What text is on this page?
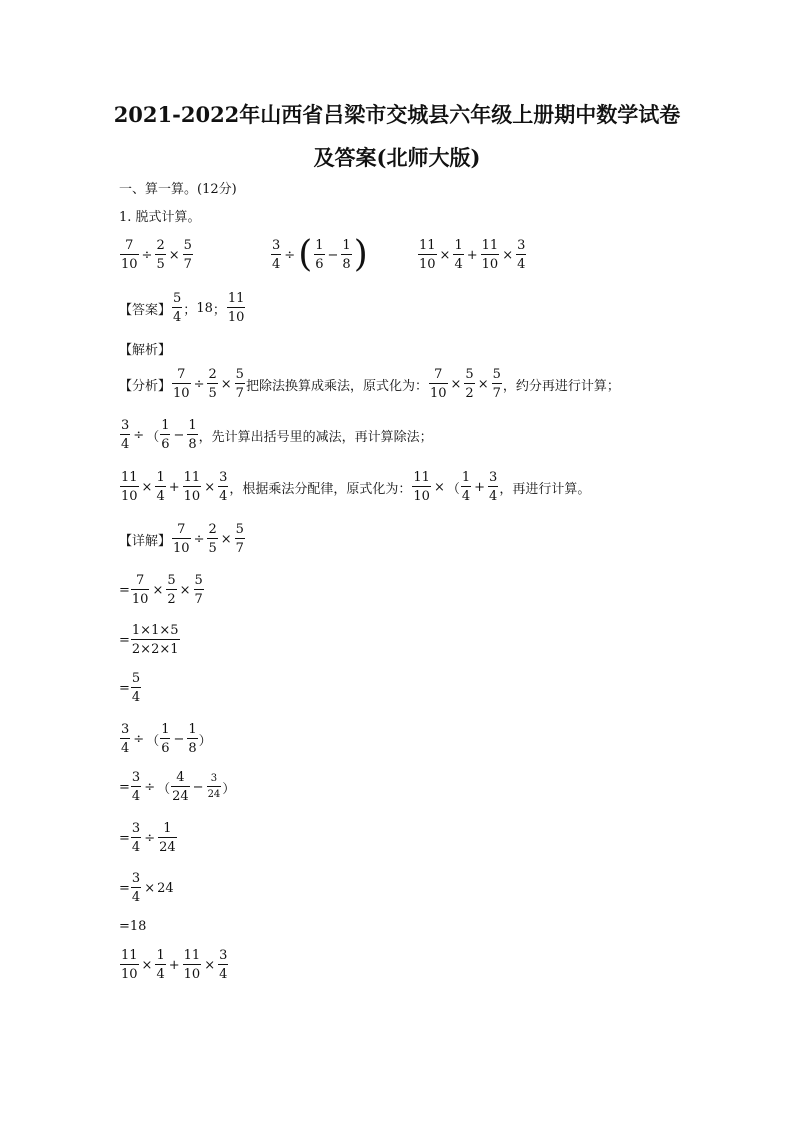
2021-2022年山西省吕梁市交城县六年级上册期中数学试卷
及答案(北师大版)
一、算一算。(12分)
1. 脱式计算。
$\frac{7}{10} \div \frac{2}{5} \times \frac{5}{7}$	$\frac{3}{4}$ ÷ ( $\frac{1}{6} - \frac{1}{8}$ )	$\frac{11}{10} \times \frac{1}{4} + \frac{11}{10} \times \frac{3}{4}$
【答案】 $\frac{5}{4}$ ； 18 ； $\frac{11}{10}$
【解析】
【分析】 $\frac{7}{10} \div \frac{2}{5} \times \frac{5}{7}$ 把除法换算成乘法，原式化为： $\frac{7}{10} \times \frac{5}{2} \times \frac{5}{7}$ ，约分再进行计算；
$\frac{3}{4}$ ÷ （ $\frac{1}{6} - \frac{1}{8}$ ，先计算出括号里的减法，再计算除法；
$\frac{11}{10} \times \frac{1}{4} + \frac{11}{10} \times \frac{3}{4}$ ，根据乘法分配律，原式化为： $\frac{11}{10}$ × （ $\frac{1}{4} + \frac{3}{4}$ ，再进行计算。
【详解】 $\frac{7}{10} \div \frac{2}{5} \times \frac{5}{7}$
= $\frac{7}{10} \times \frac{5}{2} \times \frac{5}{7}$
= $\frac{1\times 1\times 5}{2\times 2\times 1}$
= $\frac{5}{4}$
$\frac{3}{4}$ ÷ （ $\frac{1}{6} - \frac{1}{8}$ ）
= $\frac{3}{4}$ ÷ （ $\frac{4}{24} - \frac{3}{24}$ ）
= $\frac{3}{4} \div \frac{1}{24}$
= $\frac{3}{4} \times 24$
= 18
$\frac{11}{10} \times \frac{1}{4} + \frac{11}{10} \times \frac{3}{4}$
